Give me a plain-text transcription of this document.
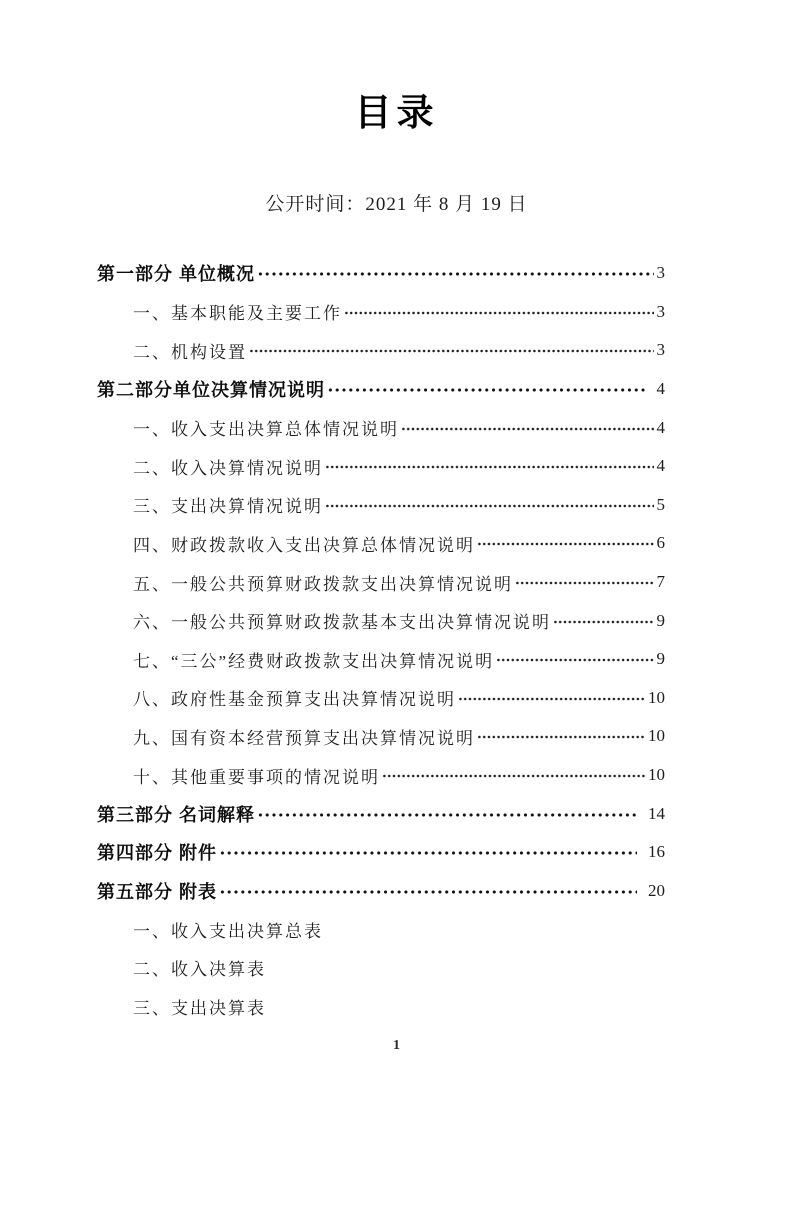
目录
公开时间：2021 年 8 月 19 日
第一部分 单位概况	3
一、基本职能及主要工作	3
二、机构设置	3
第二部分单位决算情况说明	4
一、收入支出决算总体情况说明	4
二、收入决算情况说明	4
三、支出决算情况说明	5
四、财政拨款收入支出决算总体情况说明	6
五、一般公共预算财政拨款支出决算情况说明	7
六、一般公共预算财政拨款基本支出决算情况说明	9
七、“三公”经费财政拨款支出决算情况说明	9
八、政府性基金预算支出决算情况说明	10
九、国有资本经营预算支出决算情况说明	10
十、其他重要事项的情况说明	10
第三部分 名词解释	14
第四部分 附件	16
第五部分 附表	20
一、收入支出决算总表
二、收入决算表
三、支出决算表
1
